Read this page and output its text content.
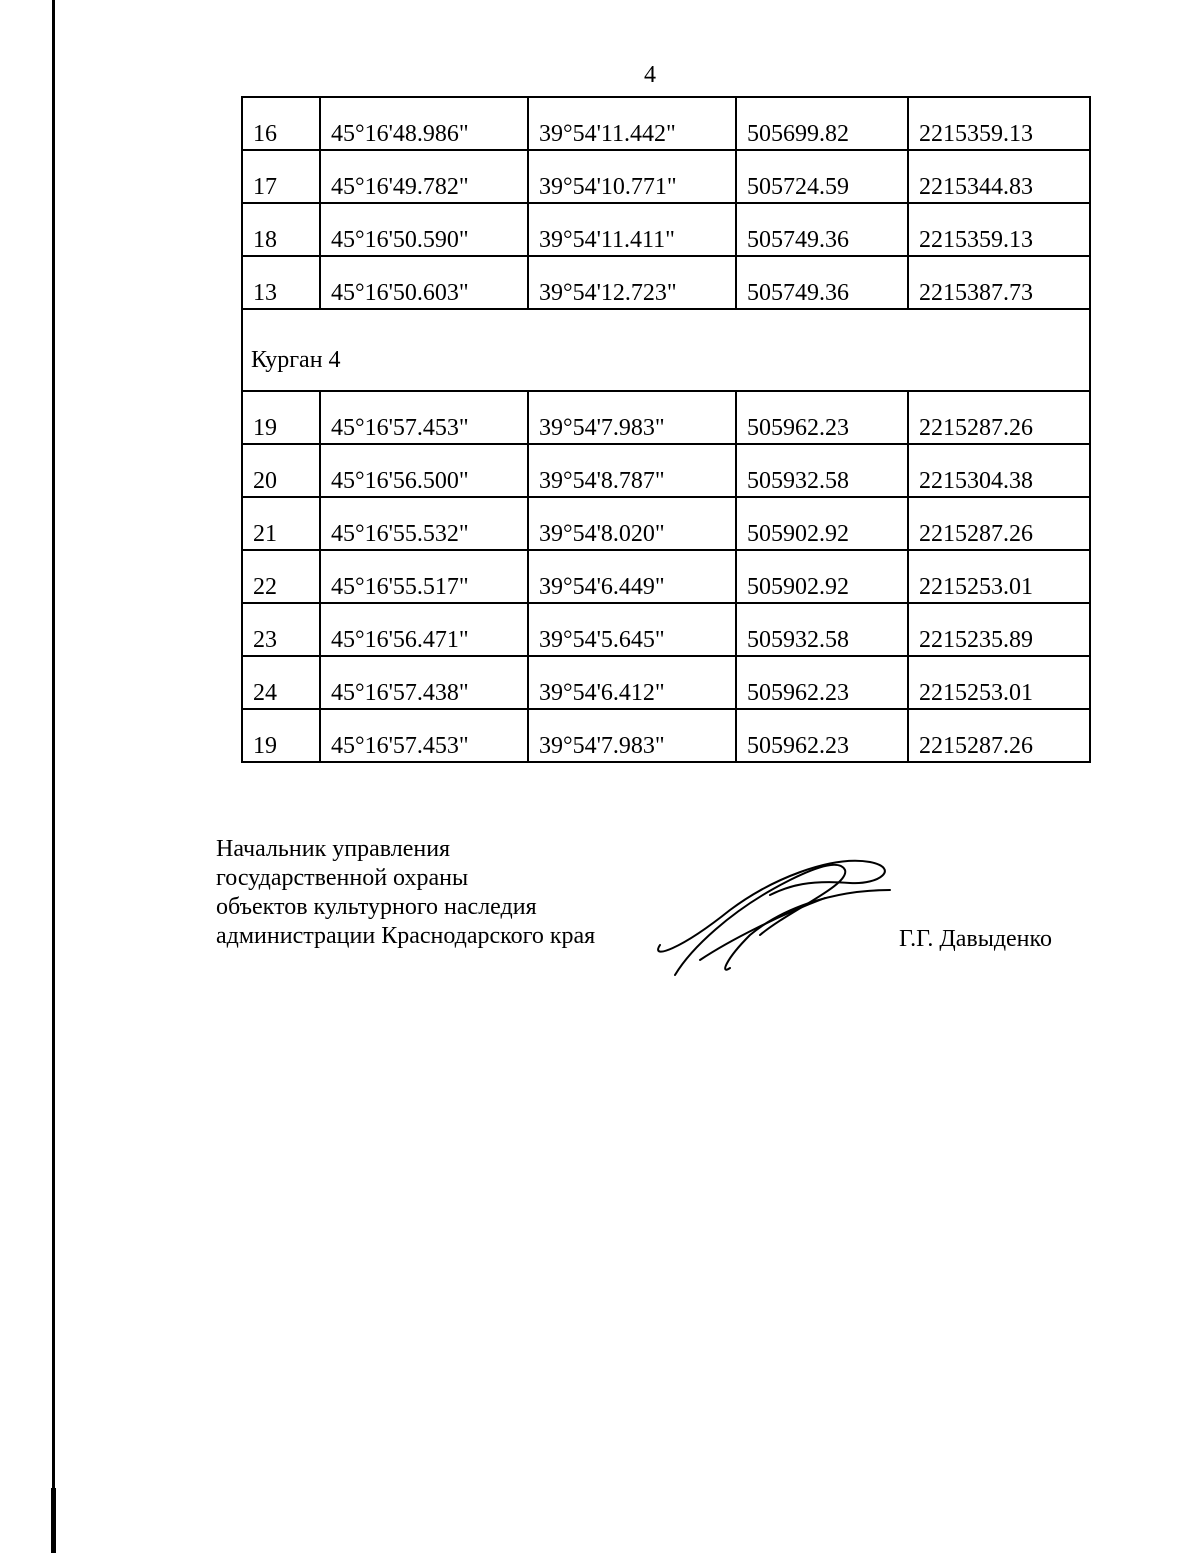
4
16	45°16'48.986"	39°54'11.442"	505699.82	2215359.13
17	45°16'49.782"	39°54'10.771"	505724.59	2215344.83
18	45°16'50.590"	39°54'11.411"	505749.36	2215359.13
13	45°16'50.603"	39°54'12.723"	505749.36	2215387.73
Курган 4				
19	45°16'57.453"	39°54'7.983"	505962.23	2215287.26
20	45°16'56.500"	39°54'8.787"	505932.58	2215304.38
21	45°16'55.532"	39°54'8.020"	505902.92	2215287.26
22	45°16'55.517"	39°54'6.449"	505902.92	2215253.01
23	45°16'56.471"	39°54'5.645"	505932.58	2215235.89
24	45°16'57.438"	39°54'6.412"	505962.23	2215253.01
19	45°16'57.453"	39°54'7.983"	505962.23	2215287.26
Начальник управления
государственной охраны
объектов культурного наследия
администрации Краснодарского края	Г.Г. Давыденко
